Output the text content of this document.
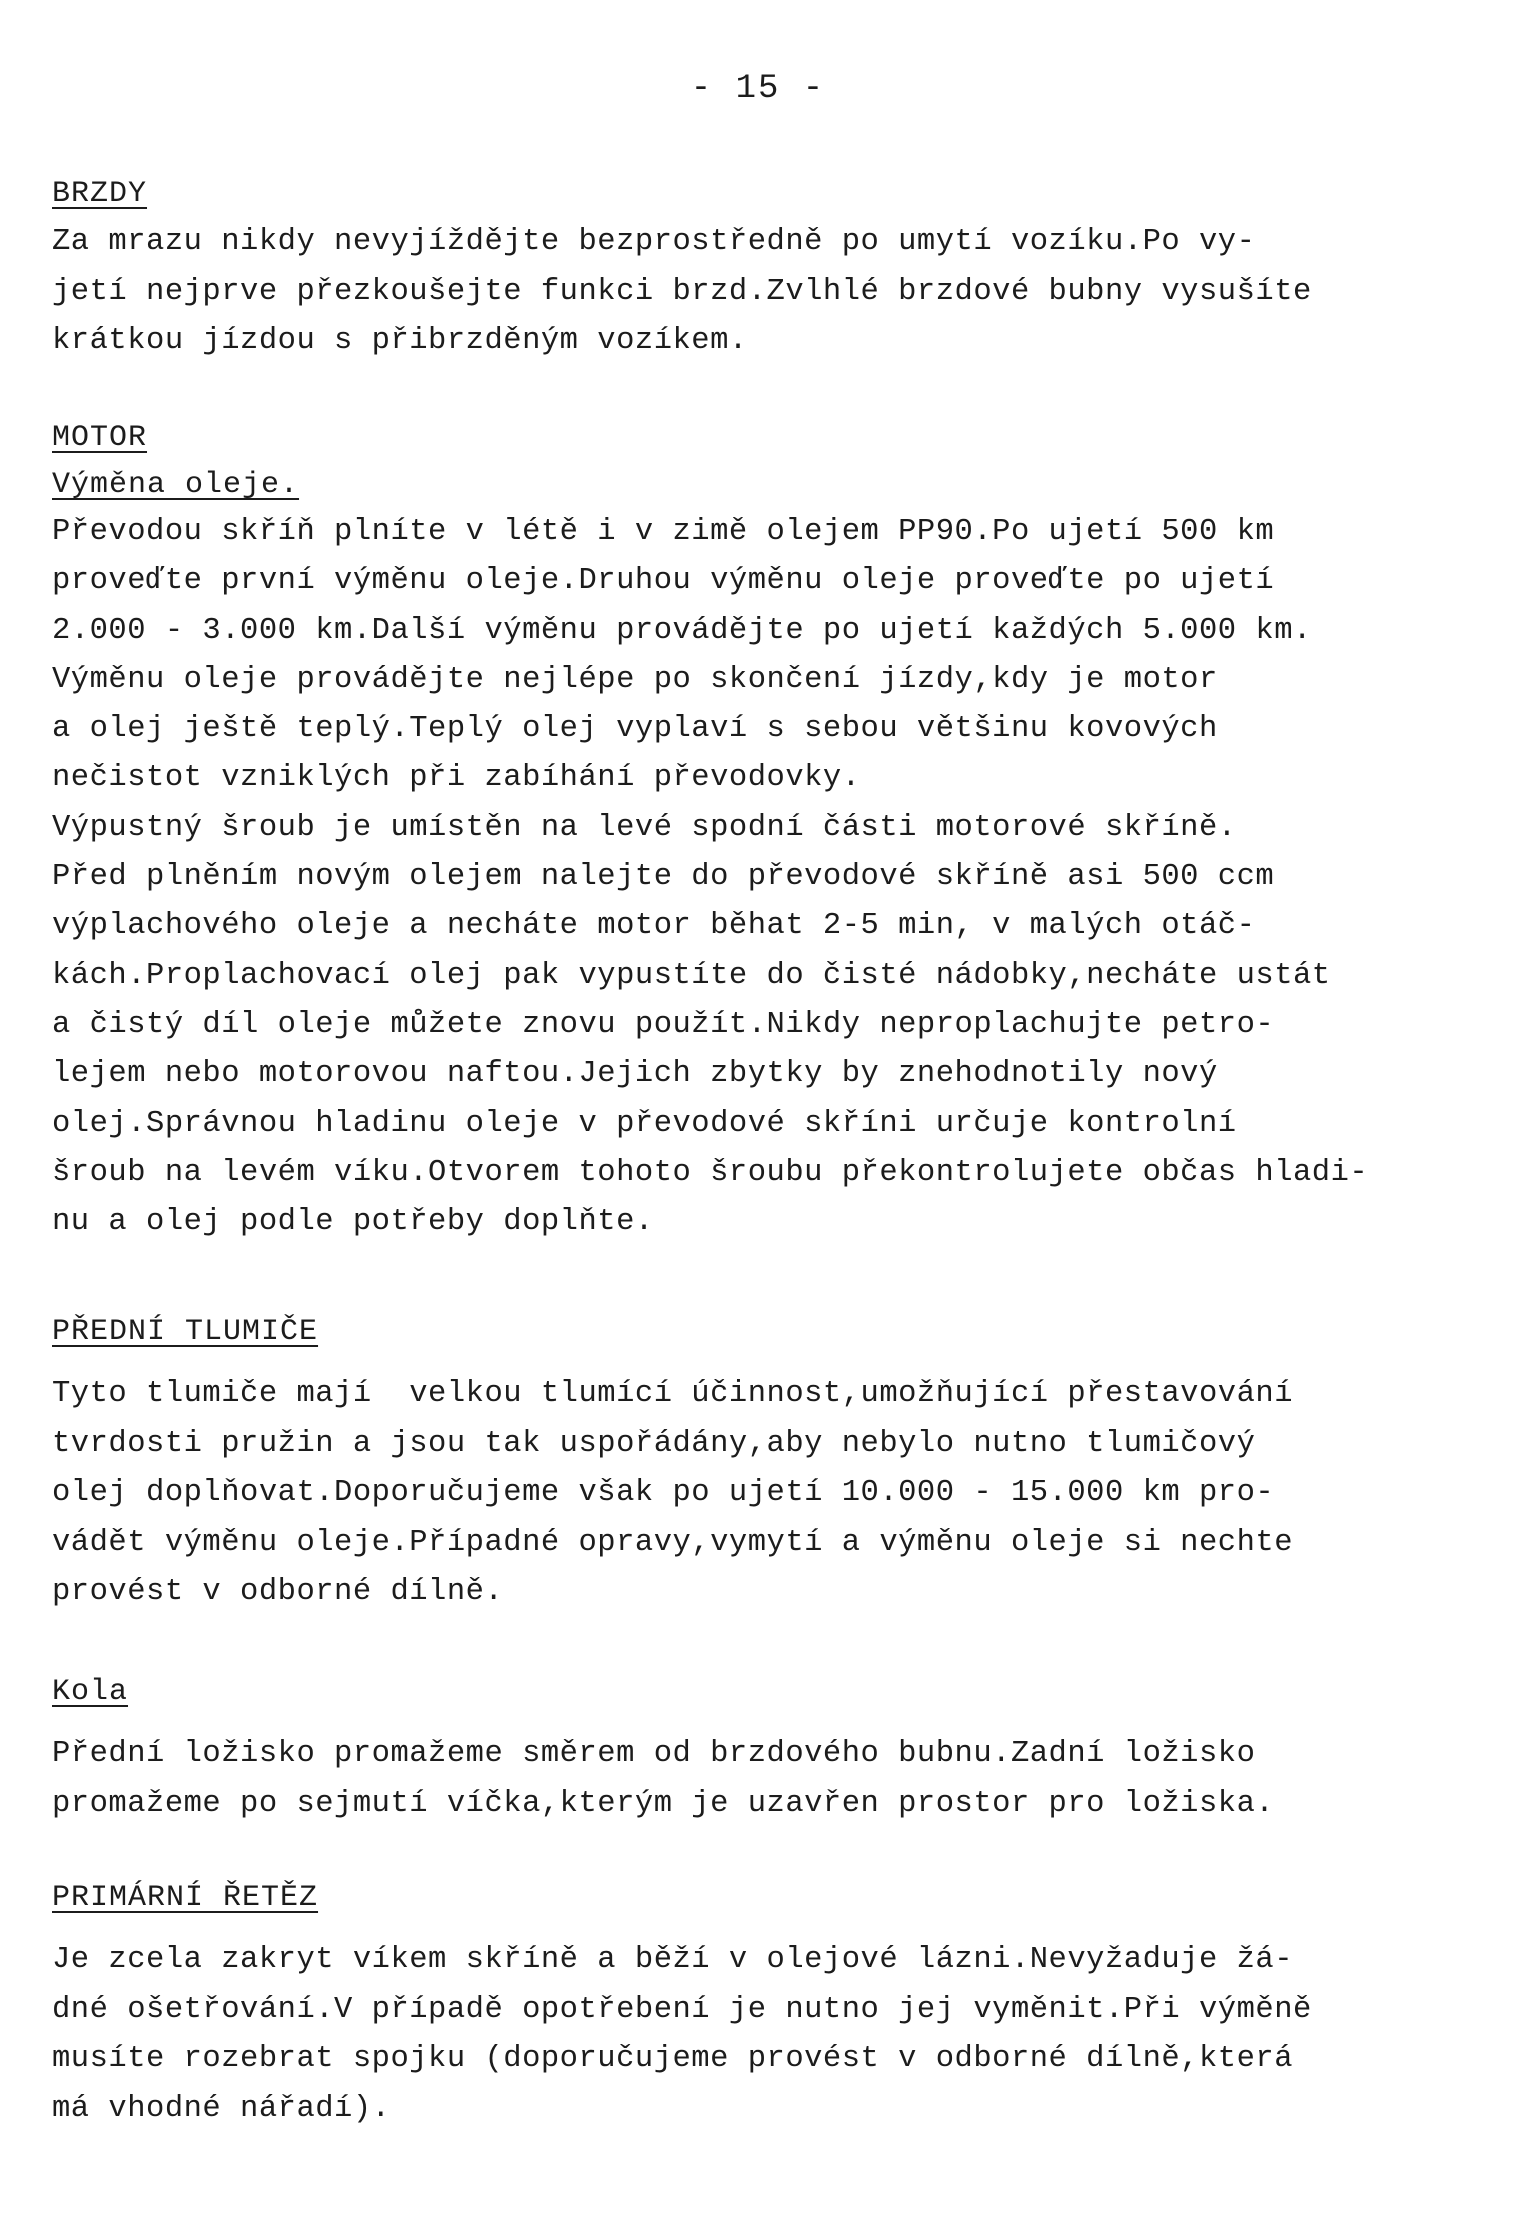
- 15 -
BRZDY
Za mrazu nikdy nevyjížděјte bezprostředně po umytí vozíku.Po vy-
jetí nejprve přezkoušejte funkci brzd.Zvlhlé brzdové bubny vysušíte
krátkou jízdou s přibrzděným vozíkem.
MOTOR
Výměna oleje.
Převodou skříň plníte v létě i v zimě olejem PP90.Po ujetí 500 km
proveďte první výměnu oleje.Druhou výměnu oleje proveďte po ujetí
2.000 - 3.000 km.Další výměnu provádějte po ujetí každých 5.000 km.
Výměnu oleje provádějte nejlépe po skončení jízdy,kdy je motor
a olej ještě teplý.Teplý olej vyplaví s sebou většinu kovových
nečistot vzniklých při zabíhání převodovky.
Výpustný šroub je umístěn na levé spodní části motorové skříně.
Před plněním novým olejem nalejte do převodové skříně asi 500 ccm
výplachového oleje a necháte motor běhat 2-5 min, v malých otáč-
kách.Proplachovací olej pak vypustíte do čisté nádobky,necháte ustát
a čistý díl oleje můžete znovu použít.Nikdy neproplachujte petro-
lejem nebo motorovou naftou.Jejich zbytky by znehodnotily nový
olej.Správnou hladinu oleje v převodové skříni určuje kontrolní
šroub na levém víku.Otvorem tohoto šroubu překontrolujete občas hladi-
nu a olej podle potřeby doplňte.
PŘEDNÍ TLUMIČE
Tyto tlumiče mají  velkou tlumící účinnost,umožňující přestavování
tvrdosti pružin a jsou tak uspořádány,aby nebylo nutno tlumičový
olej doplňovat.Doporučujeme však po ujetí 10.000 - 15.000 km pro-
vádět výměnu oleje.Případné opravy,vymytí a výměnu oleje si nechte
provést v odborné dílně.
Kola
Přední ložisko promažeme směrem od brzdového bubnu.Zadní ložisko
promažeme po sejmutí víčka,kterým je uzavřen prostor pro ložiska.
PRIMÁRNÍ ŘETĚZ
Je zcela zakryt víkem skříně a běží v olejové lázni.Nevyžaduje žá-
dné ošetřování.V případě opotřebení je nutno jej vyměnit.Při výměně
musíte rozebrat spojku (doporučujeme provést v odborné dílně,která
má vhodné nářadí).
